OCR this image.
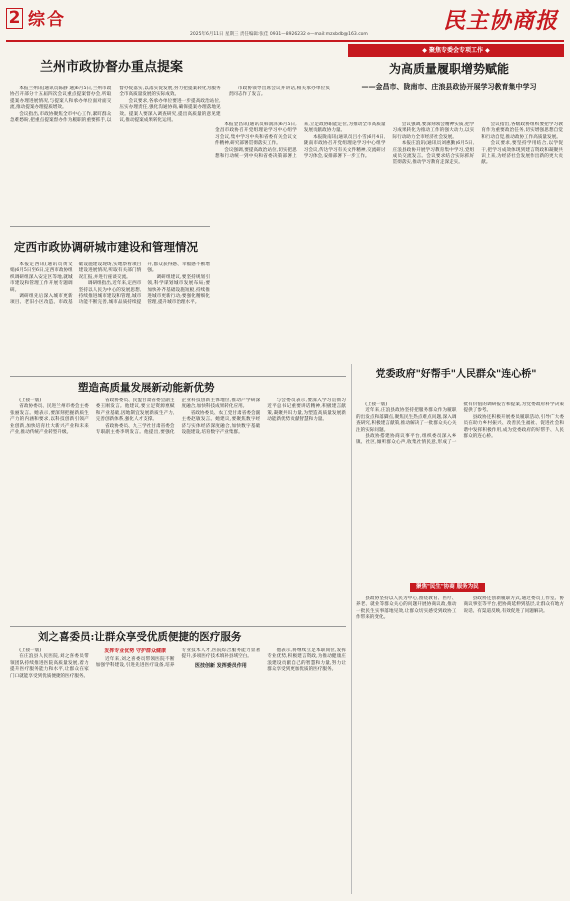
2 综合
2025年6月11日 星期三 责任编辑:张佳 0931—8926232 e—mail:mzxbdb@163.com
民主协商报
◆ 聚焦专委会专项工作 ◆
兰州市政协督办重点提案

本报兰州讯(通讯员陈静 通)6月5日,兰州市政协召开部分十五届四次会议重点提案督办会,听取提案办理进展情况,与提案人和承办单位面对面交流,推动提案办理提质增效。

会议指出,市政协聚焦全市中心工作,紧盯群众急难愁盼,把重点提案督办作为履职的重要抓手,以督办促落实,以落实促发展,努力把提案转化为服务全市高质量发展的实际成效。

会议要求,各承办单位要进一步提高政治站位,压实办理责任,强化沟通协商,确保提案办理落地见效。提案人要深入调查研究,提出高质量的意见建议,推动提案成果转化运用。

市政协领导出席会议并讲话,相关承办单位负责同志作了发言。

为高质量履职增势赋能
——金昌市、陇南市、庄浪县政协开展学习教育集中学习

本报金昌讯(通讯员韩润泽)6月5日,金昌市政协召开党组理论学习中心组学习会议,集中学习中央和省委有关会议文件精神,研究部署贯彻落实工作。

会议强调,要提高政治站位,切实把思想和行动统一到中央和省委决策部署上来,立足政协职能定位,为推动全市高质量发展贡献政协力量。

本报陇南讯(通讯员吕小雪)6月4日,陇南市政协召开党组理论学习中心组学习会议,传达学习有关文件精神,交流研讨学习体会,安排部署下一步工作。

会议强调,要深刻领会精神实质,把学习成果转化为推动工作的强大动力,以实际行动助力全市经济社会发展。

本报庄浪讯(通讯员刘惠勤)6月5日,庄浪县政协开展学习教育集中学习,党组成员交流发言。会议要求结合实际抓好贯彻落实,推动学习教育走深走实。

会议指出,各级政协组织要把学习教育作为重要政治任务,切实增强思想自觉和行动自觉,推动政协工作高质量发展。

会议要求,要坚持学用结合,以学促干,把学习成效体现到建言资政和凝聚共识上来,为经济社会发展作出新的更大贡献。

定西市政协调研城市建设和管理情况

本报定西讯(通讯员黄文娟)6月5日至6日,定西市政协组织调研组深入安定区等地,就城市建设和管理工作开展专题调研。

调研组先后深入城市更新项目、老旧小区改造、市政基础设施建设现场,实地察看项目建设进展情况,听取有关部门情况汇报,并进行座谈交流。

调研组指出,近年来,定西市坚持以人民为中心的发展思想,持续推进城市建设和管理,城市功能不断完善,城市品质持续提升,群众获得感、幸福感不断增强。

调研组建议,要坚持规划引领,科学谋划城市发展布局;要加快补齐基础设施短板,持续推进城市更新行动;要强化精细化管理,提升城市治理水平。

塑造高质量发展新动能新优势

(上接一版)

省政协委员、民进兰州市委会主委张丽发言。她表示,要深刻把握新质生产力的内涵和要求,以科技创新引领产业创新,加快培育壮大新兴产业和未来产业,推动传统产业转型升级。

省政协委员、民盟甘肃省委会副主委王刚发言。他建议,要立足资源禀赋和产业基础,因地制宜发展新质生产力,完善创新体系,强化人才支撑。

省政协委员、九三学社甘肃省委会专职副主委李明发言。他提出,要强化企业科技创新主体地位,推动产学研深度融合,加快科技成果转化应用。

省政协委员、农工党甘肃省委会副主委赵敏发言。她建议,要聚焦数字经济与实体经济深度融合,加快数字基础设施建设,培育数字产业集群。

与会委员表示,要深入学习贯彻习近平总书记重要讲话精神,积极建言献策,凝聚共识力量,为塑造高质量发展新动能新优势贡献智慧和力量。

党委政府"好帮手"人民群众"连心桥"

(上接一版)

近年来,庄浪县政协坚持把服务群众作为履职的出发点和落脚点,聚焦民生热点难点问题,深入调查研究,积极建言献策,推动解决了一批群众关心关注的实际问题。

县政协搭建协商议事平台,组织委员深入乡镇、社区,倾听群众心声,收集社情民意,形成了一批有价值的调研报告和提案,为党委政府科学决策提供了参考。

县政协还积极开展委员履职活动,引导广大委员在助力乡村振兴、改善民生福祉、促进社会和谐中发挥积极作用,成为党委政府的好帮手、人民群众的连心桥。

聚焦"民生"协商 服务为民

县政协坚持以人民为中心,围绕教育、医疗、养老、就业等群众关心的问题开展协商议政,推动一批民生实事落地见效,让群众切实感受到政协工作带来的变化。

县政协还创新履职方式,通过委员工作室、协商议事室等平台,把协商延伸到基层,让群众有地方说话、有渠道反映,有效促进了问题解决。

刘之喜委员:让群众享受优质便捷的医疗服务

(上接一版)

在庄浪县人民医院,刘之喜委员带领团队持续推进医院高质量发展,着力提升医疗服务能力和水平,让群众在家门口就能享受到优质便捷的医疗服务。

发挥专业优势 守护群众健康

近年来,刘之喜委员带领医院不断加强学科建设,引进先进医疗设备,培养专业技术人才,医院综合服务能力显著提升,多项医疗技术填补县域空白。

医技创新 发挥委员作用

他表示,将继续立足本职岗位,发挥专业优势,积极建言资政,为推动健康庄浪建设贡献自己的智慧和力量,努力让群众享受到更加优质的医疗服务。
